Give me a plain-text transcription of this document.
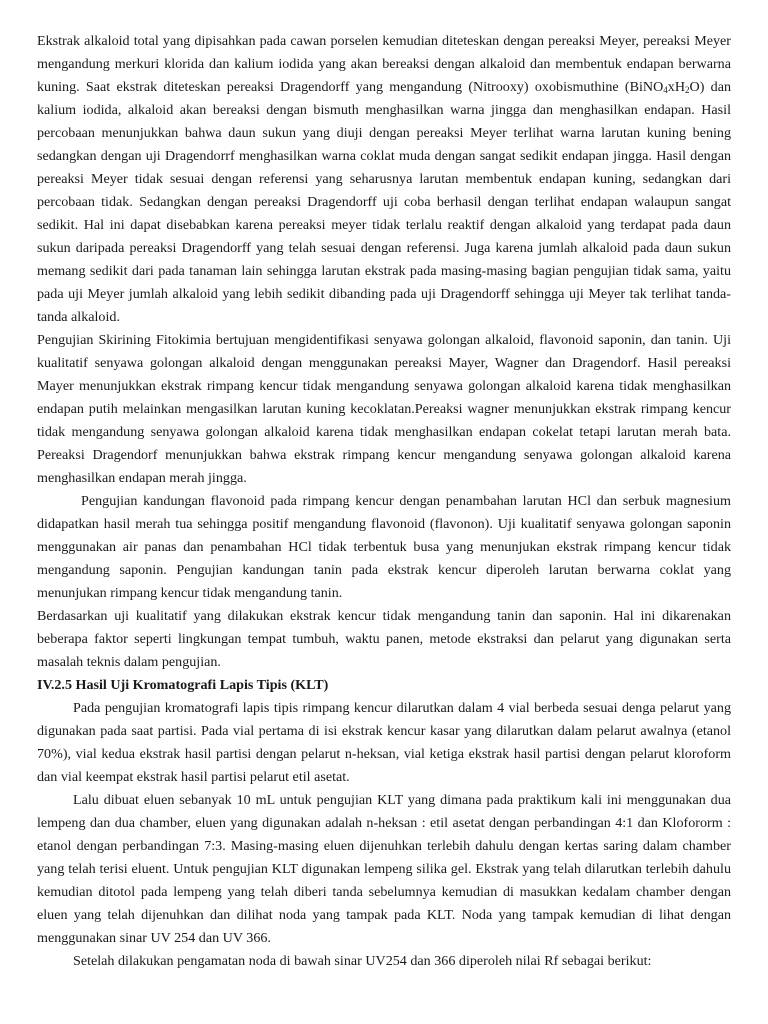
Ekstrak alkaloid total yang dipisahkan pada cawan porselen kemudian diteteskan dengan pereaksi Meyer, pereaksi Meyer mengandung merkuri klorida dan kalium iodida yang akan bereaksi dengan alkaloid dan membentuk endapan berwarna kuning. Saat ekstrak diteteskan pereaksi Dragendorff yang mengandung (Nitrooxy) oxobismuthine $(BiNO_4xH_2O)$ dan kalium iodida, alkaloid akan bereaksi dengan bismuth menghasilkan warna jingga dan menghasilkan endapan. Hasil percobaan menunjukkan bahwa daun sukun yang diuji dengan pereaksi Meyer terlihat warna larutan kuning bening sedangkan dengan uji Dragendorrf menghasilkan warna coklat muda dengan sangat sedikit endapan jingga. Hasil dengan pereaksi Meyer tidak sesuai dengan referensi yang seharusnya larutan membentuk endapan kuning, sedangkan dari percobaan tidak. Sedangkan dengan pereaksi Dragendorff uji coba berhasil dengan terlihat endapan walaupun sangat sedikit. Hal ini dapat disebabkan karena pereaksi meyer tidak terlalu reaktif dengan alkaloid yang terdapat pada daun sukun daripada pereaksi Dragendorff yang telah sesuai dengan referensi. Juga karena jumlah alkaloid pada daun sukun memang sedikit dari pada tanaman lain sehingga larutan ekstrak pada masing-masing bagian pengujian tidak sama, yaitu pada uji Meyer jumlah alkaloid yang lebih sedikit dibanding pada uji Dragendorff sehingga uji Meyer tak terlihat tanda-tanda alkaloid.

Pengujian Skirining Fitokimia bertujuan mengidentifikasi senyawa golongan alkaloid, flavonoid saponin, dan tanin. Uji kualitatif senyawa golongan alkaloid dengan menggunakan pereaksi Mayer, Wagner dan Dragendorf. Hasil pereaksi Mayer menunjukkan ekstrak rimpang kencur tidak mengandung senyawa golongan alkaloid karena tidak menghasilkan endapan putih melainkan mengasilkan larutan kuning kecoklatan.Pereaksi wagner menunjukkan ekstrak rimpang kencur tidak mengandung senyawa golongan alkaloid karena tidak menghasilkan endapan cokelat tetapi larutan merah bata. Pereaksi Dragendorf menunjukkan bahwa ekstrak rimpang kencur mengandung senyawa golongan alkaloid karena menghasilkan endapan merah jingga.

Pengujian kandungan flavonoid pada rimpang kencur dengan penambahan larutan HCl dan serbuk magnesium didapatkan hasil merah tua sehingga positif mengandung flavonoid (flavonon). Uji kualitatif senyawa golongan saponin menggunakan air panas dan penambahan HCl tidak terbentuk busa yang menunjukan ekstrak rimpang kencur tidak mengandung saponin. Pengujian kandungan tanin pada ekstrak kencur diperoleh larutan berwarna coklat yang menunjukan rimpang kencur tidak mengandung tanin.

Berdasarkan uji kualitatif yang dilakukan ekstrak kencur tidak mengandung tanin dan saponin. Hal ini dikarenakan beberapa faktor seperti lingkungan tempat tumbuh, waktu panen, metode ekstraksi dan pelarut yang digunakan serta masalah teknis dalam pengujian.

IV.2.5 Hasil Uji Kromatografi Lapis Tipis (KLT)

Pada pengujian kromatografi lapis tipis rimpang kencur dilarutkan dalam 4 vial berbeda sesuai denga pelarut yang digunakan pada saat partisi. Pada vial pertama di isi ekstrak kencur kasar yang dilarutkan dalam pelarut awalnya (etanol 70%), vial kedua ekstrak hasil partisi dengan pelarut n-heksan, vial ketiga ekstrak hasil partisi dengan pelarut kloroform dan vial keempat ekstrak hasil partisi pelarut etil asetat.

Lalu dibuat eluen sebanyak 10 mL untuk pengujian KLT yang dimana pada praktikum kali ini menggunakan dua lempeng dan dua chamber, eluen yang digunakan adalah n-heksan : etil asetat dengan perbandingan 4:1 dan Klofororm : etanol dengan perbandingan 7:3. Masing-masing eluen dijenuhkan terlebih dahulu dengan kertas saring dalam chamber yang telah terisi eluent. Untuk pengujian KLT digunakan lempeng silika gel. Ekstrak yang telah dilarutkan terlebih dahulu kemudian ditotol pada lempeng yang telah diberi tanda sebelumnya kemudian di masukkan kedalam chamber dengan eluen yang telah dijenuhkan dan dilihat noda yang tampak pada KLT. Noda yang tampak kemudian di lihat dengan menggunakan sinar UV 254 dan UV 366.

Setelah dilakukan pengamatan noda di bawah sinar UV254 dan 366 diperoleh nilai Rf sebagai berikut:
